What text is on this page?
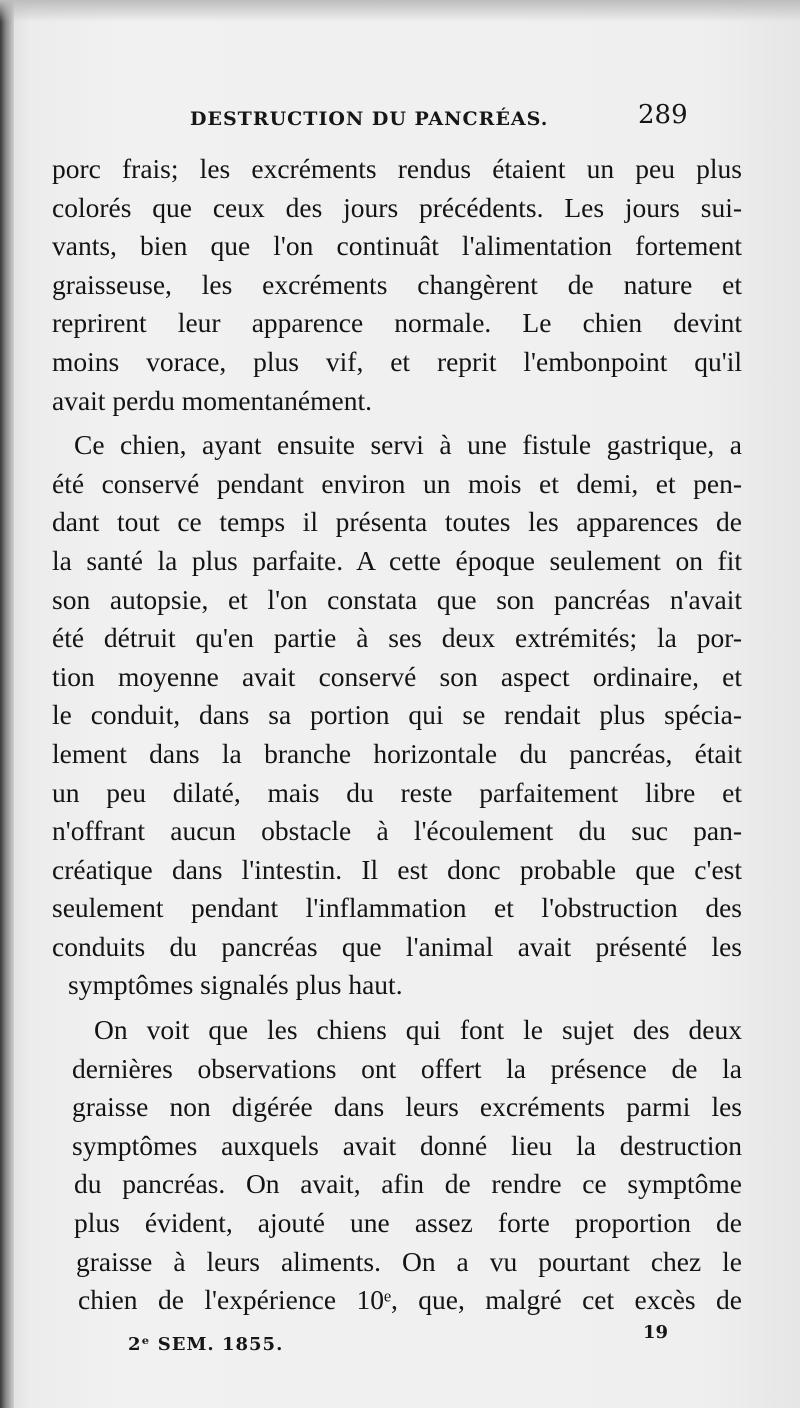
DESTRUCTION DU PANCRÉAS.	289
porc frais; les excréments rendus étaient un peu plus
colorés que ceux des jours précédents. Les jours sui-
vants, bien que l'on continuât l'alimentation fortement
graisseuse, les excréments changèrent de nature et
reprirent leur apparence normale. Le chien devint
moins vorace, plus vif, et reprit l'embonpoint qu'il
avait perdu momentanément.
Ce chien, ayant ensuite servi à une fistule gastrique, a
été conservé pendant environ un mois et demi, et pen-
dant tout ce temps il présenta toutes les apparences de
la santé la plus parfaite. A cette époque seulement on fit
son autopsie, et l'on constata que son pancréas n'avait
été détruit qu'en partie à ses deux extrémités; la por-
tion moyenne avait conservé son aspect ordinaire, et
le conduit, dans sa portion qui se rendait plus spécia-
lement dans la branche horizontale du pancréas, était
un peu dilaté, mais du reste parfaitement libre et
n'offrant aucun obstacle à l'écoulement du suc pan-
créatique dans l'intestin. Il est donc probable que c'est
seulement pendant l'inflammation et l'obstruction des
conduits du pancréas que l'animal avait présenté les
symptômes signalés plus haut.
On voit que les chiens qui font le sujet des deux
dernières observations ont offert la présence de la
graisse non digérée dans leurs excréments parmi les
symptômes auxquels avait donné lieu la destruction
du pancréas. On avait, afin de rendre ce symptôme
plus évident, ajouté une assez forte proportion de
graisse à leurs aliments. On a vu pourtant chez le
chien de l'expérience 10ᵉ, que, malgré cet excès de
2ᵉ SEM. 1855.
19
